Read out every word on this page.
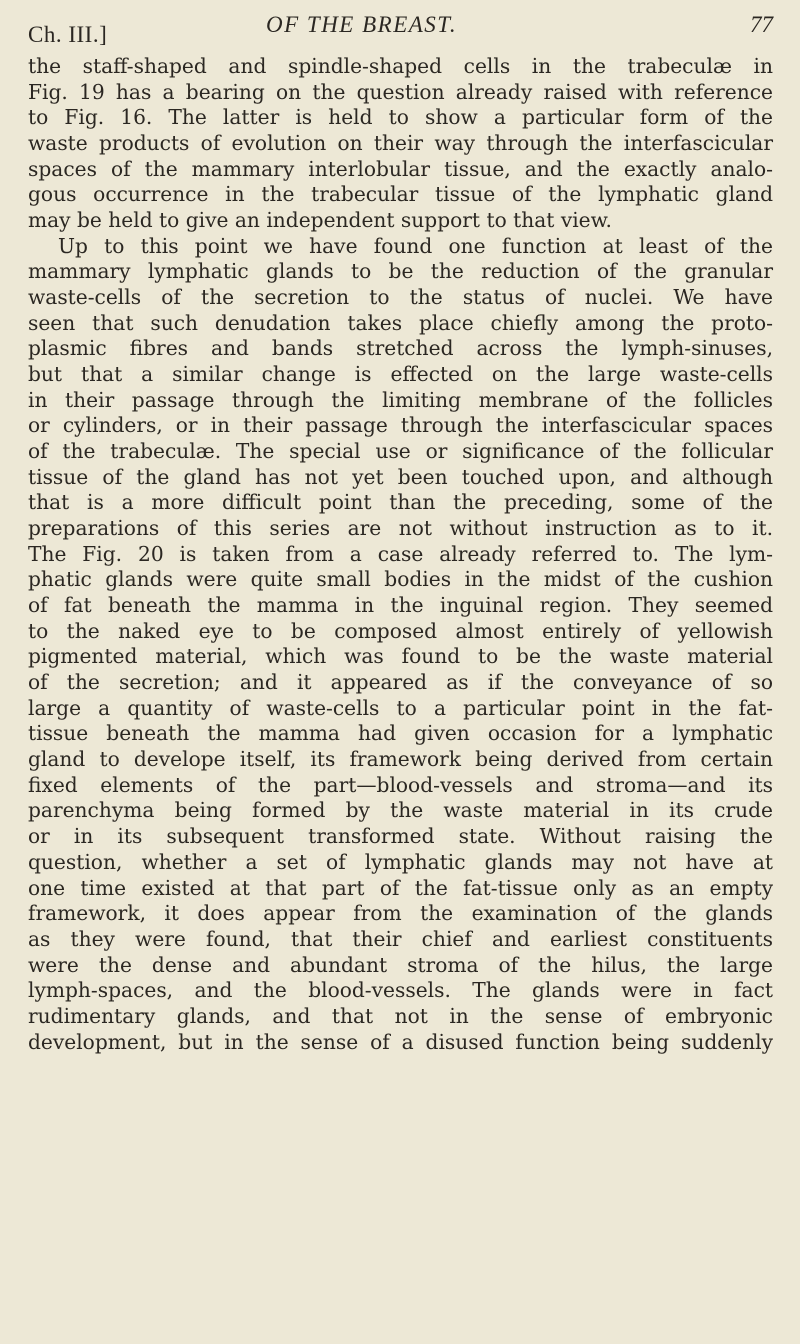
Ch. III.]	OF THE BREAST.	77
the staff-shaped and spindle-shaped cells in the trabeculæ in
Fig. 19 has a bearing on the question already raised with reference
to Fig. 16. The latter is held to show a particular form of the
waste products of evolution on their way through the interfascicular
spaces of the mammary interlobular tissue, and the exactly analo-
gous occurrence in the trabecular tissue of the lymphatic gland
may be held to give an independent support to that view.
Up to this point we have found one function at least of the
mammary lymphatic glands to be the reduction of the granular
waste-cells of the secretion to the status of nuclei. We have
seen that such denudation takes place chiefly among the proto-
plasmic fibres and bands stretched across the lymph-sinuses,
but that a similar change is effected on the large waste-cells
in their passage through the limiting membrane of the follicles
or cylinders, or in their passage through the interfascicular spaces
of the trabeculæ. The special use or significance of the follicular
tissue of the gland has not yet been touched upon, and although
that is a more difficult point than the preceding, some of the
preparations of this series are not without instruction as to it.
The Fig. 20 is taken from a case already referred to. The lym-
phatic glands were quite small bodies in the midst of the cushion
of fat beneath the mamma in the inguinal region. They seemed
to the naked eye to be composed almost entirely of yellowish
pigmented material, which was found to be the waste material
of the secretion; and it appeared as if the conveyance of so
large a quantity of waste-cells to a particular point in the fat-
tissue beneath the mamma had given occasion for a lymphatic
gland to develope itself, its framework being derived from certain
fixed elements of the part—blood-vessels and stroma—and its
parenchyma being formed by the waste material in its crude
or in its subsequent transformed state. Without raising the
question, whether a set of lymphatic glands may not have at
one time existed at that part of the fat-tissue only as an empty
framework, it does appear from the examination of the glands
as they were found, that their chief and earliest constituents
were the dense and abundant stroma of the hilus, the large
lymph-spaces, and the blood-vessels. The glands were in fact
rudimentary glands, and that not in the sense of embryonic
development, but in the sense of a disused function being suddenly
